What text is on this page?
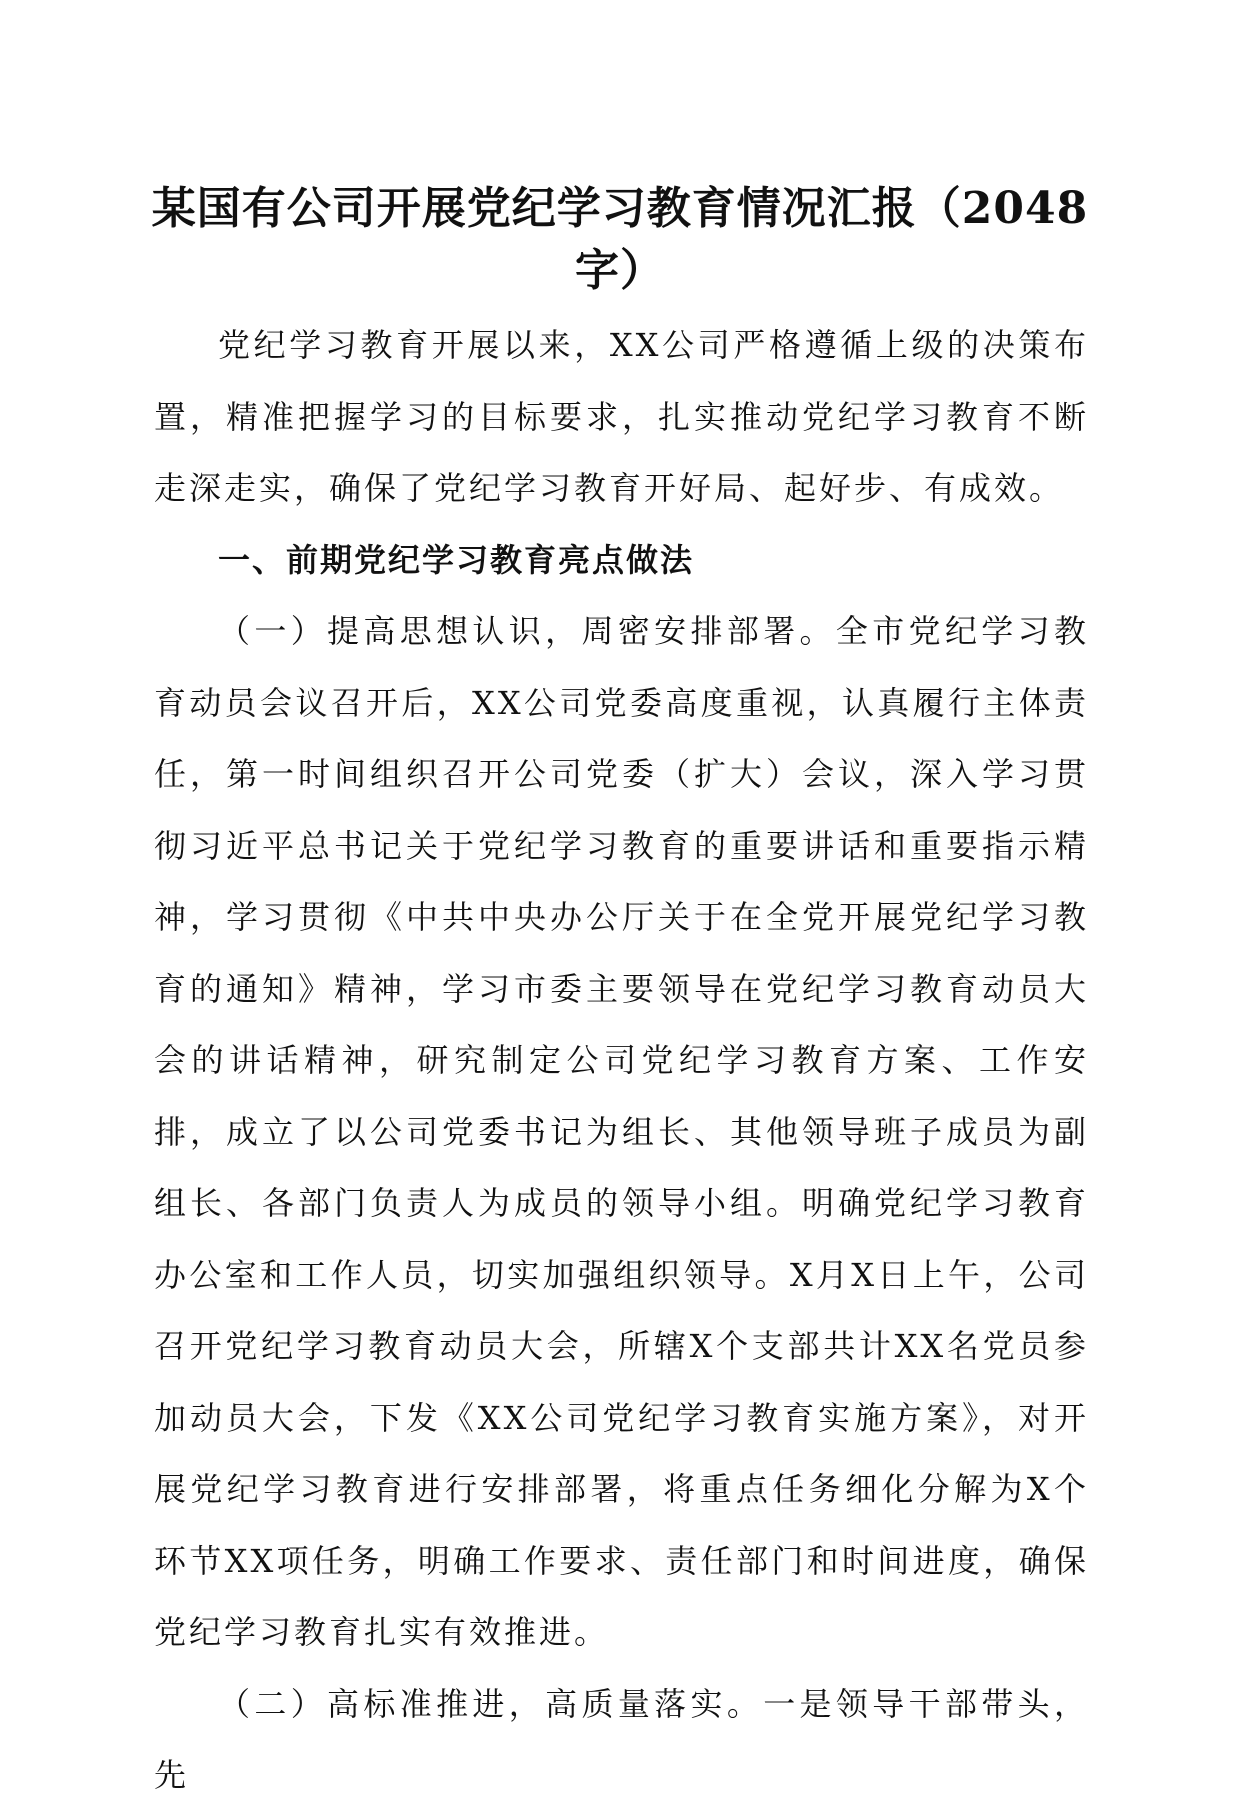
某国有公司开展党纪学习教育情况汇报（2048字）

党纪学习教育开展以来，XX公司严格遵循上级的决策布置，精准把握学习的目标要求，扎实推动党纪学习教育不断走深走实，确保了党纪学习教育开好局、起好步、有成效。

一、前期党纪学习教育亮点做法

（一）提高思想认识，周密安排部署。全市党纪学习教育动员会议召开后，XX公司党委高度重视，认真履行主体责任，第一时间组织召开公司党委（扩大）会议，深入学习贯彻习近平总书记关于党纪学习教育的重要讲话和重要指示精神，学习贯彻《中共中央办公厅关于在全党开展党纪学习教育的通知》精神，学习市委主要领导在党纪学习教育动员大会的讲话精神，研究制定公司党纪学习教育方案、工作安排，成立了以公司党委书记为组长、其他领导班子成员为副组长、各部门负责人为成员的领导小组。明确党纪学习教育办公室和工作人员，切实加强组织领导。X月X日上午，公司召开党纪学习教育动员大会，所辖X个支部共计XX名党员参加动员大会，下发《XX公司党纪学习教育实施方案》，对开展党纪学习教育进行安排部署，将重点任务细化分解为X个环节XX项任务，明确工作要求、责任部门和时间进度，确保党纪学习教育扎实有效推进。

（二）高标准推进，高质量落实。一是领导干部带头，先
